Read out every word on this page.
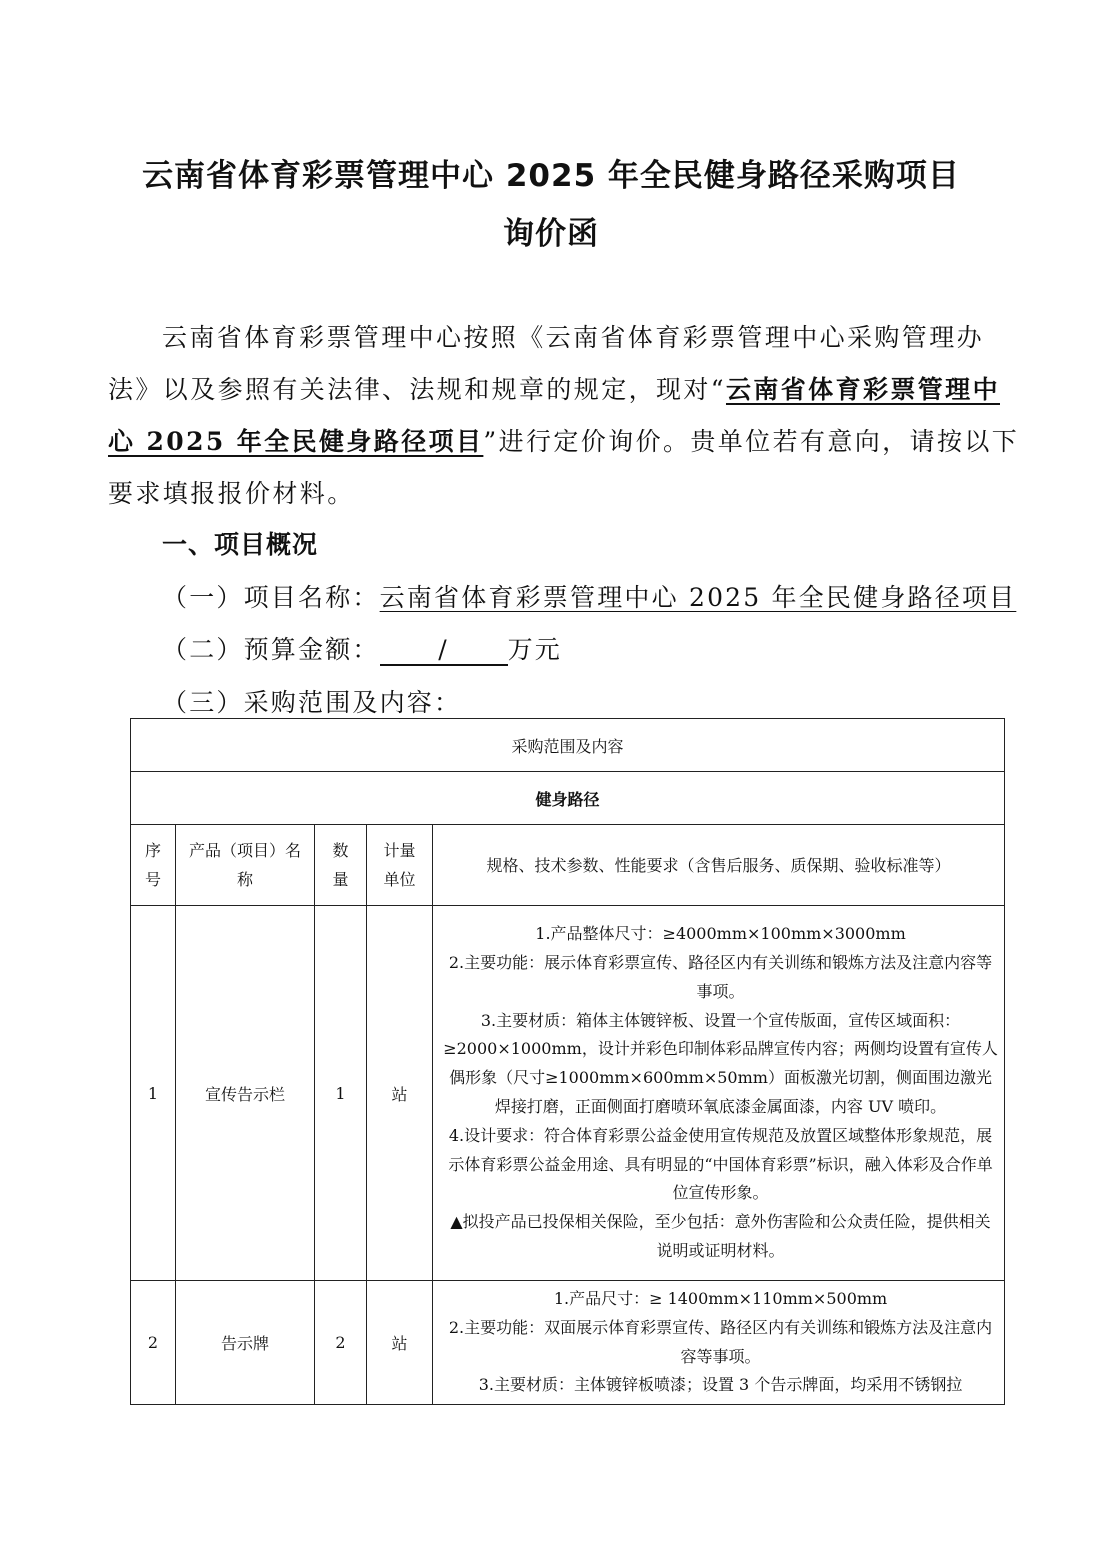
云南省体育彩票管理中心 2025 年全民健身路径采购项目
询价函
云南省体育彩票管理中心按照《云南省体育彩票管理中心采购管理办
法》以及参照有关法律、法规和规章的规定，现对“云南省体育彩票管理中
心 2025 年全民健身路径项目”进行定价询价。贵单位若有意向，请按以下
要求填报报价材料。
一、项目概况
（一）项目名称：云南省体育彩票管理中心 2025 年全民健身路径项目
（二）预算金额： / 万元
（三）采购范围及内容：
采购范围及内容				
健身路径				
序号	产品（项目）名称	数量	计量单位	规格、技术参数、性能要求（含售后服务、质保期、验收标准等）
1	宣传告示栏	1	站	1.产品整体尺寸：≥4000mm×100mm×3000mm
2.主要功能：展示体育彩票宣传、路径区内有关训练和锻炼方法及注意内容等事项。
3.主要材质：箱体主体镀锌板、设置一个宣传版面，宣传区域面积：≥2000×1000mm，设计并彩色印制体彩品牌宣传内容；两侧均设置有宣传人偶形象（尺寸≥1000mm×600mm×50mm）面板激光切割，侧面围边激光焊接打磨，正面侧面打磨喷环氧底漆金属面漆，内容 UV 喷印。
4.设计要求：符合体育彩票公益金使用宣传规范及放置区域整体形象规范，展示体育彩票公益金用途、具有明显的“中国体育彩票”标识，融入体彩及合作单位宣传形象。
▲拟投产品已投保相关保险，至少包括：意外伤害险和公众责任险，提供相关说明或证明材料。

2	告示牌	2	站	1.产品尺寸：≥ 1400mm×110mm×500mm
2.主要功能：双面展示体育彩票宣传、路径区内有关训练和锻炼方法及注意内容等事项。
3.主要材质：主体镀锌板喷漆；设置 3 个告示牌面，均采用不锈钢拉
